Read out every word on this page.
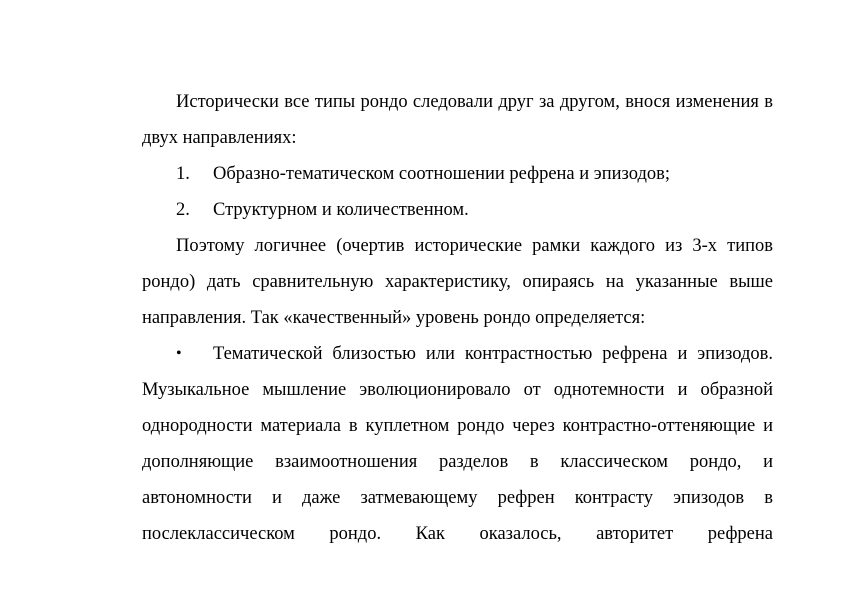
Исторически все типы рондо следовали друг за другом, внося изменения в двух направлениях:

1. Образно-тематическом соотношении рефрена и эпизодов;

2. Структурном и количественном.

Поэтому логичнее (очертив исторические рамки каждого из 3-х типов рондо) дать сравнительную характеристику, опираясь на указанные выше направления. Так «качественный» уровень рондо определяется:

• Тематической близостью или контрастностью рефрена и эпизодов. Музыкальное мышление эволюционировало от однотемности и образной однородности материала в куплетном рондо через контрастно-оттеняющие и дополняющие взаимоотношения разделов в классическом рондо, и автономности и даже затмевающему рефрен контрасту эпизодов в послеклассическом рондо. Как оказалось, авторитет рефрена
